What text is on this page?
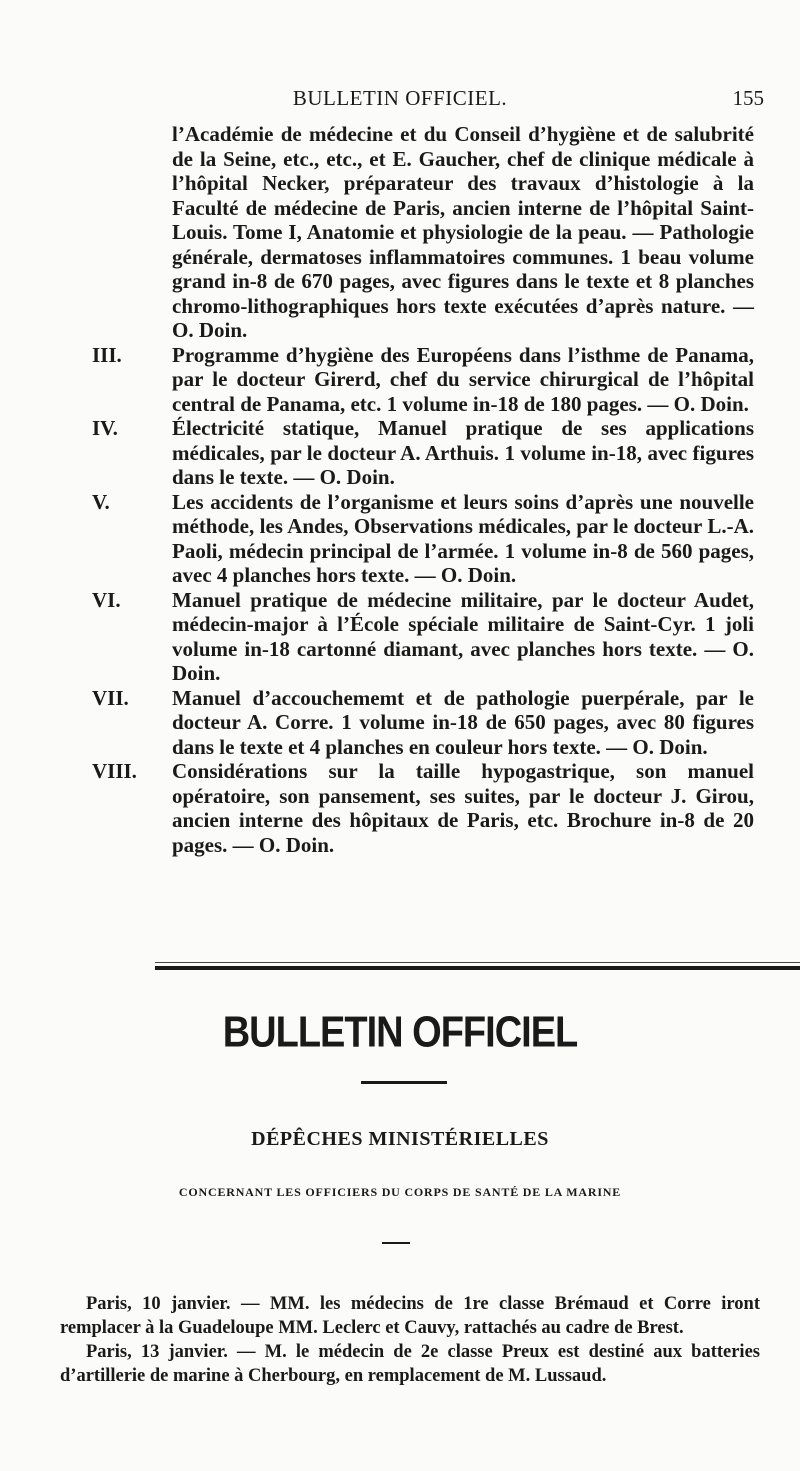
BULLETIN OFFICIEL.	155

l’Académie de médecine et du Conseil d’hygiène et de salubrité de la Seine, etc., etc., et E. Gaucher, chef de clinique médicale à l’hôpital Necker, préparateur des travaux d’histologie à la Faculté de médecine de Paris, ancien interne de l’hôpital Saint-Louis. Tome I, Anatomie et physiologie de la peau. — Pathologie générale, dermatoses inflammatoires communes. 1 beau volume grand in-8 de 670 pages, avec figures dans le texte et 8 planches chromo-lithographiques hors texte exécutées d’après nature. — O. Doin.

III.	Programme d’hygiène des Européens dans l’isthme de Panama, par le docteur Girerd, chef du service chirurgical de l’hôpital central de Panama, etc. 1 volume in-18 de 180 pages. — O. Doin.

IV.	Électricité statique, Manuel pratique de ses applications médicales, par le docteur A. Arthuis. 1 volume in-18, avec figures dans le texte. — O. Doin.

V.	Les accidents de l’organisme et leurs soins d’après une nouvelle méthode, les Andes, Observations médicales, par le docteur L.-A. Paoli, médecin principal de l’armée. 1 volume in-8 de 560 pages, avec 4 planches hors texte. — O. Doin.

VI.	Manuel pratique de médecine militaire, par le docteur Audet, médecin-major à l’École spéciale militaire de Saint-Cyr. 1 joli volume in-18 cartonné diamant, avec planches hors texte. — O. Doin.

VII. Manuel d’accouchememt et de pathologie puerpérale, par le docteur A. Corre. 1 volume in-18 de 650 pages, avec 80 figures dans le texte et 4 planches en couleur hors texte. — O. Doin.

VIII. Considérations sur la taille hypogastrique, son manuel opératoire, son pansement, ses suites, par le docteur J. Girou, ancien interne des hôpitaux de Paris, etc. Brochure in-8 de 20 pages. — O. Doin.

BULLETIN OFFICIEL
DÉPÊCHES MINISTÉRIELLES
CONCERNANT LES OFFICIERS DU CORPS DE SANTÉ DE LA MARINE

Paris, 10 janvier. — MM. les médecins de 1re classe Brémaud et Corre iront remplacer à la Guadeloupe MM. Leclerc et Cauvy, rattachés au cadre de Brest.

Paris, 13 janvier. — M. le médecin de 2e classe Preux est destiné aux batteries d’artillerie de marine à Cherbourg, en remplacement de M. Lussaud.
